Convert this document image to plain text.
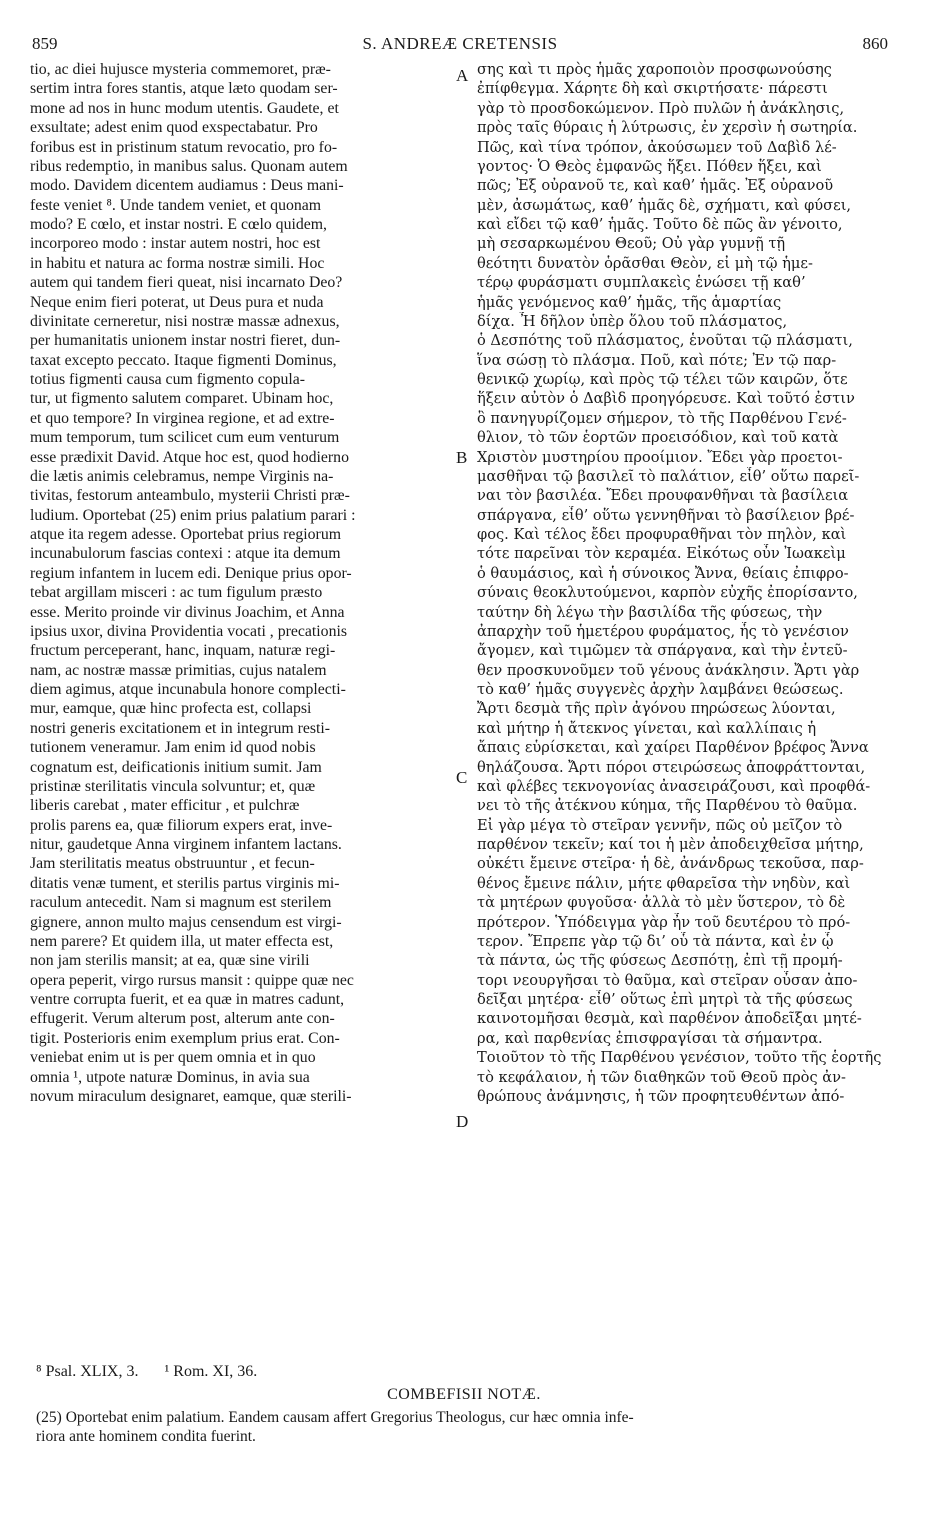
859	S. ANDREÆ CRETENSIS	860
tio, ac diei hujusce mysteria commemoret, præ-
sertim intra fores stantis, atque læto quodam ser-
mone ad nos in hunc modum utentis. Gaudete, et
exsultate; adest enim quod exspectabatur. Pro
foribus est in pristinum statum revocatio, pro fo-
ribus redemptio, in manibus salus. Quonam autem
modo. Davidem dicentem audiamus : Deus mani-
feste veniet ⁸. Unde tandem veniet, et quonam
modo? E cœlo, et instar nostri. E cœlo quidem,
incorporeo modo : instar autem nostri, hoc est
in habitu et natura ac forma nostræ simili. Hoc
autem qui tandem fieri queat, nisi incarnato Deo?
Neque enim fieri poterat, ut Deus pura et nuda
divinitate cerneretur, nisi nostræ massæ adnexus,
per humanitatis unionem instar nostri fieret, dun-
taxat excepto peccato. Itaque figmenti Dominus,
totius figmenti causa cum figmento copula-
tur, ut figmento salutem comparet. Ubinam hoc,
et quo tempore? In virginea regione, et ad extre-
mum temporum, tum scilicet cum eum venturum
esse prædixit David. Atque hoc est, quod hodierno
die lætis animis celebramus, nempe Virginis na-
tivitas, festorum anteambulo, mysterii Christi præ-
ludium. Oportebat (25) enim prius palatium parari :
atque ita regem adesse. Oportebat prius regiorum
incunabulorum fascias contexi : atque ita demum
regium infantem in lucem edi. Denique prius opor-
tebat argillam misceri : ac tum figulum præsto
esse. Merito proinde vir divinus Joachim, et Anna
ipsius uxor, divina Providentia vocati , precationis
fructum perceperant, hanc, inquam, naturæ regi-
nam, ac nostræ massæ primitias, cujus natalem
diem agimus, atque incunabula honore complecti-
mur, eamque, quæ hinc profecta est, collapsi
nostri generis excitationem et in integrum resti-
tutionem veneramur. Jam enim id quod nobis
cognatum est, deificationis initium sumit. Jam
pristinæ sterilitatis vincula solvuntur; et, quæ
liberis carebat , mater efficitur , et pulchræ
prolis parens ea, quæ filiorum expers erat, inve-
nitur, gaudetque Anna virginem infantem lactans.
Jam sterilitatis meatus obstruuntur , et fecun-
ditatis venæ tument, et sterilis partus virginis mi-
raculum antecedit. Nam si magnum est sterilem
gignere, annon multo majus censendum est virgi-
nem parere? Et quidem illa, ut mater effecta est,
non jam sterilis mansit; at ea, quæ sine virili
opera peperit, virgo rursus mansit : quippe quæ nec
ventre corrupta fuerit, et ea quæ in matres cadunt,
effugerit. Verum alterum post, alterum ante con-
tigit. Posterioris enim exemplum prius erat. Con-
veniebat enim ut is per quem omnia et in quo
omnia ¹, utpote naturæ Dominus, in avia sua
novum miraculum designaret, eamque, quæ sterili-
σης καὶ τι πρὸς ἡμᾶς χαροποιὸν προσφωνούσης
ἐπίφθεγμα. Χάρητε δὴ καὶ σκιρτήσατε· πάρεστι
γὰρ τὸ προσδοκώμενον. Πρὸ πυλῶν ἡ ἀνάκλησις,
πρὸς ταῖς θύραις ἡ λύτρωσις, ἐν χερσὶν ἡ σωτηρία.
Πῶς, καὶ τίνα τρόπον, ἀκούσωμεν τοῦ Δαβὶδ λέ-
γοντος· Ὁ Θεὸς ἐμφανῶς ἥξει. Πόθεν ἥξει, καὶ
πῶς; Ἐξ οὐρανοῦ τε, καὶ καθ’ ἡμᾶς. Ἐξ οὐρανοῦ
μὲν, ἀσωμάτως, καθ’ ἡμᾶς δὲ, σχήματι, καὶ φύσει,
καὶ εἴδει τῷ καθ’ ἡμᾶς. Τοῦτο δὲ πῶς ἂν γένοιτο,
μὴ σεσαρκωμένου Θεοῦ; Οὐ γὰρ γυμνῇ τῇ
θεότητι δυνατὸν ὁρᾶσθαι Θεὸν, εἰ μὴ τῷ ἡμε-
τέρῳ φυράσματι συμπλακεὶς ἑνώσει τῇ καθ’
ἡμᾶς γενόμενος καθ’ ἡμᾶς, τῆς ἁμαρτίας
δίχα. Ἦ δῆλον ὑπὲρ ὅλου τοῦ πλάσματος,
ὁ Δεσπότης τοῦ πλάσματος, ἑνοῦται τῷ πλάσματι,
ἵνα σώσῃ τὸ πλάσμα. Ποῦ, καὶ πότε; Ἐν τῷ παρ-
θενικῷ χωρίῳ, καὶ πρὸς τῷ τέλει τῶν καιρῶν, ὅτε
ἥξειν αὐτὸν ὁ Δαβὶδ προηγόρευσε. Καὶ τοῦτό ἐστιν
ὃ πανηγυρίζομεν σήμερον, τὸ τῆς Παρθένου Γενέ-
θλιον, τὸ τῶν ἑορτῶν προεισόδιον, καὶ τοῦ κατὰ
Χριστὸν μυστηρίου προοίμιον. Ἔδει γὰρ προετοι-
μασθῆναι τῷ βασιλεῖ τὸ παλάτιον, εἶθ’ οὕτω παρεῖ-
ναι τὸν βασιλέα. Ἔδει προυφανθῆναι τὰ βασίλεια
σπάργανα, εἶθ’ οὕτω γεννηθῆναι τὸ βασίλειον βρέ-
φος. Καὶ τέλος ἔδει προφυραθῆναι τὸν πηλὸν, καὶ
τότε παρεῖναι τὸν κεραμέα. Εἰκότως οὖν Ἰωακεὶμ
ὁ θαυμάσιος, καὶ ἡ σύνοικος Ἄννα, θείαις ἐπιφρο-
σύναις θεοκλυτούμενοι, καρπὸν εὐχῆς ἐπορίσαντο,
ταύτην δὴ λέγω τὴν βασιλίδα τῆς φύσεως, τὴν
ἀπαρχὴν τοῦ ἡμετέρου φυράματος, ἧς τὸ γενέσιον
ἄγομεν, καὶ τιμῶμεν τὰ σπάργανα, καὶ τὴν ἐντεῦ-
θεν προσκυνοῦμεν τοῦ γένους ἀνάκλησιν. Ἄρτι γὰρ
τὸ καθ’ ἡμᾶς συγγενὲς ἀρχὴν λαμβάνει θεώσεως.
Ἄρτι δεσμὰ τῆς πρὶν ἀγόνου πηρώσεως λύονται,
καὶ μήτηρ ἡ ἄτεκνος γίνεται, καὶ καλλίπαις ἡ
ἄπαις εὑρίσκεται, καὶ χαίρει Παρθένον βρέφος Ἄννα
θηλάζουσα. Ἄρτι πόροι στειρώσεως ἀποφράττονται,
καὶ φλέβες τεκνογονίας ἀνασειράζουσι, καὶ προφθά-
νει τὸ τῆς ἀτέκνου κύημα, τῆς Παρθένου τὸ θαῦμα.
Εἰ γὰρ μέγα τὸ στεῖραν γεννῆν, πῶς οὐ μεῖζον τὸ
παρθένον τεκεῖν; καί τοι ἡ μὲν ἀποδειχθεῖσα μήτηρ,
οὐκέτι ἔμεινε στεῖρα· ἡ δὲ, ἀνάνδρως τεκοῦσα, παρ-
θένος ἔμεινε πάλιν, μήτε φθαρεῖσα τὴν νηδὺν, καὶ
τὰ μητέρων φυγοῦσα· ἀλλὰ τὸ μὲν ὕστερον, τὸ δὲ
πρότερον. Ὑπόδειγμα γὰρ ἦν τοῦ δευτέρου τὸ πρό-
τερον. Ἔπρεπε γὰρ τῷ δι’ οὗ τὰ πάντα, καὶ ἐν ᾧ
τὰ πάντα, ὡς τῆς φύσεως Δεσπότῃ, ἐπὶ τῇ προμή-
τορι νεουργῆσαι τὸ θαῦμα, καὶ στεῖραν οὖσαν ἀπο-
δεῖξαι μητέρα· εἶθ’ οὕτως ἐπὶ μητρὶ τὰ τῆς φύσεως
καινοτομῆσαι θεσμὰ, καὶ παρθένον ἀποδεῖξαι μητέ-
ρα, καὶ παρθενίας ἐπισφραγίσαι τὰ σήμαντρα.
Τοιοῦτον τὸ τῆς Παρθένου γενέσιον, τοῦτο τῆς ἑορτῆς
τὸ κεφάλαιον, ἡ τῶν διαθηκῶν τοῦ Θεοῦ πρὸς ἀν-
θρώπους ἀνάμνησις, ἡ τῶν προφητευθέντων ἀπό-
A
B
C
D
⁸ Psal. XLIX, 3. ¹ Rom. XI, 36.
COMBEFISII NOTÆ.
(25) Oportebat enim palatium. Eandem causam affert Gregorius Theologus, cur hæc omnia infe-
riora ante hominem condita fuerint.
